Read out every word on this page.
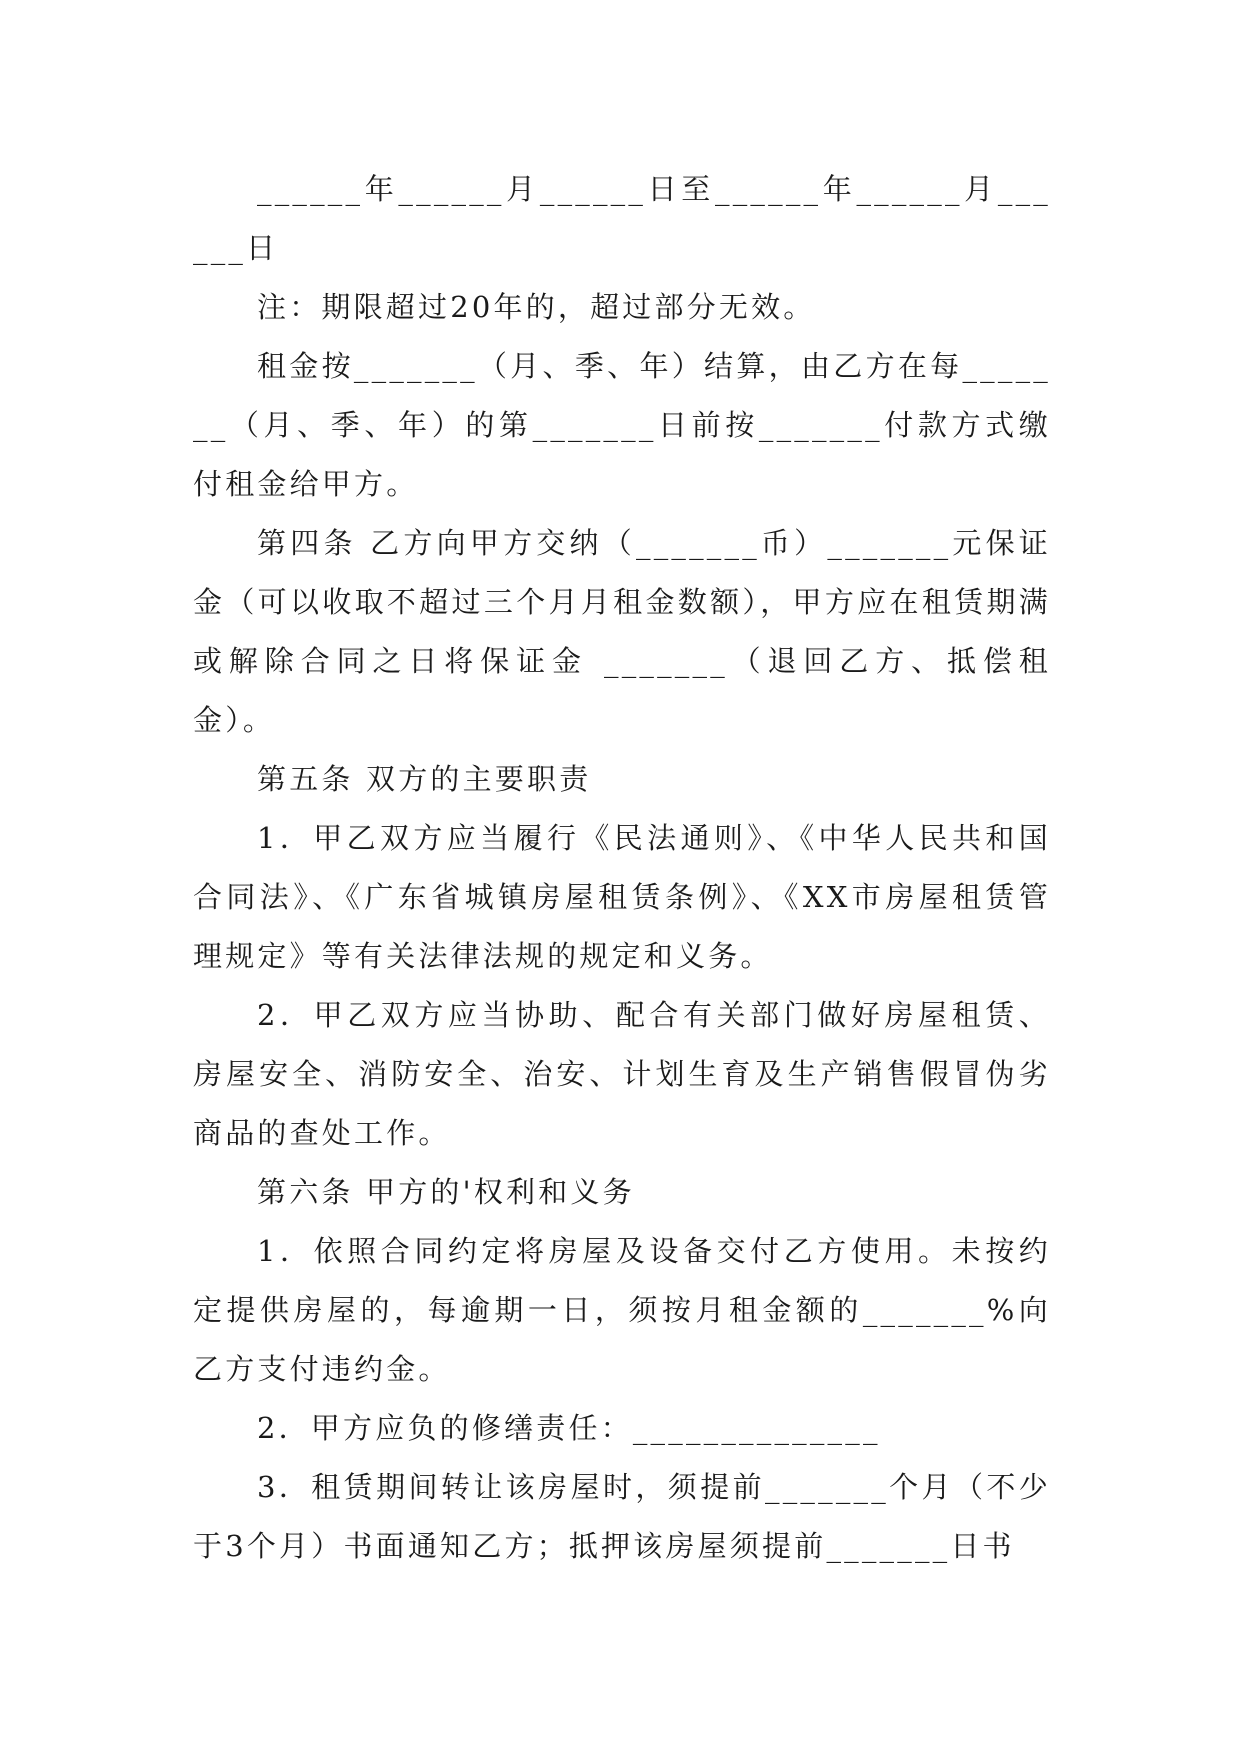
______年______月______日至______年______月______日

注：期限超过20年的，超过部分无效。

租金按_______（月、季、年）结算，由乙方在每_______（月、季、年）的第_______日前按_______付款方式缴付租金给甲方。

第四条 乙方向甲方交纳（_______币）_______元保证金（可以收取不超过三个月月租金数额），甲方应在租赁期满或解除合同之日将保证金 _______（退回乙方、抵偿租金）。

第五条 双方的主要职责

1．甲乙双方应当履行《民法通则》、《中华人民共和国合同法》、《广东省城镇房屋租赁条例》、《XX市房屋租赁管理规定》等有关法律法规的规定和义务。

2．甲乙双方应当协助、配合有关部门做好房屋租赁、房屋安全、消防安全、治安、计划生育及生产销售假冒伪劣商品的查处工作。

第六条 甲方的'权利和义务

1．依照合同约定将房屋及设备交付乙方使用。未按约定提供房屋的，每逾期一日，须按月租金额的_______%向乙方支付违约金。

2．甲方应负的修缮责任：______________

3．租赁期间转让该房屋时，须提前_______个月（不少于3个月）书面通知乙方；抵押该房屋须提前_______日书
